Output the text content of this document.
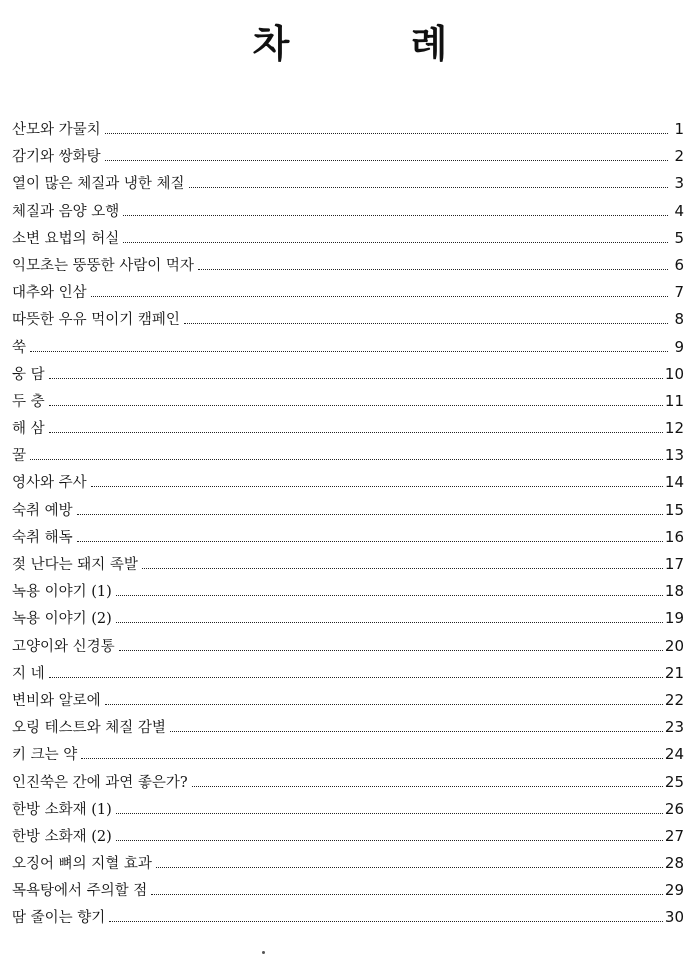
차 례
산모와 가물치	1
감기와 쌍화탕	2
열이 많은 체질과 냉한 체질	3
체질과 음양 오행	4
소변 요법의 허실	5
익모초는 뚱뚱한 사람이 먹자	6
대추와 인삼	7
따뜻한 우유 먹이기 캠페인	8
쑥	9
웅 담	10
두 충	11
해 삼	12
꿀	13
영사와 주사	14
숙취 예방	15
숙취 해독	16
젖 난다는 돼지 족발	17
녹용 이야기 (1)	18
녹용 이야기 (2)	19
고양이와 신경통	20
지 네	21
변비와 알로에	22
오링 테스트와 체질 감별	23
키 크는 약	24
인진쑥은 간에 과연 좋은가?	25
한방 소화재 (1)	26
한방 소화재 (2)	27
오징어 뼈의 지혈 효과	28
목욕탕에서 주의할 점	29
땀 줄이는 향기	30
